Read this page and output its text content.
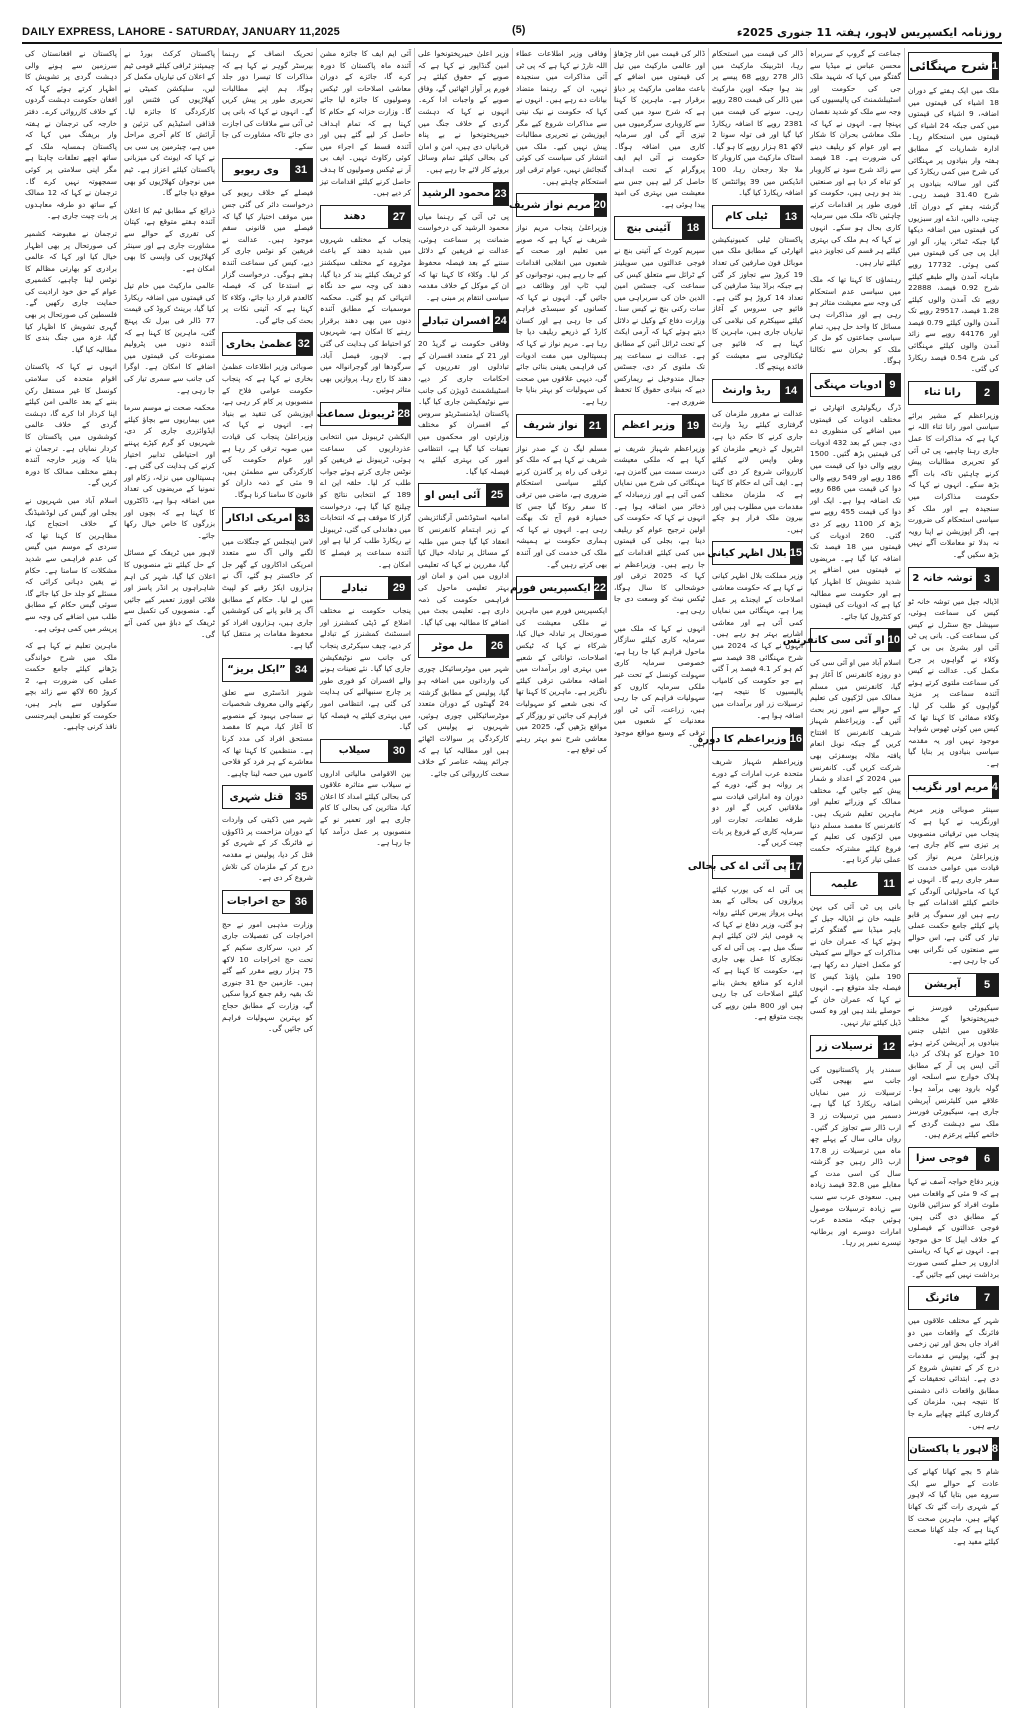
DAILY EXPRESS, LAHORE - SATURDAY, JANUARY 11,2025	(5)	روزنامہ ایکسپریس لاہور، ہفتہ 11 جنوری 2025ء
1
شرح مہنگائی

ملک میں ایک ہفتے کے دوران 18 اشیاء کی قیمتوں میں اضافہ، 9 اشیاء کی قیمتوں میں کمی جبکہ 24 اشیاء کی قیمتوں میں استحکام رہا۔ ادارہ شماریات کے مطابق ہفتہ وار بنیادوں پر مہنگائی کی شرح میں کمی ریکارڈ کی گئی اور سالانہ بنیادوں پر شرح 31.40 فیصد رہی۔ گزشتہ ہفتے کے دوران آٹا، چینی، دالیں، انڈے اور سبزیوں کی قیمتوں میں اضافہ دیکھا گیا جبکہ ٹماٹر، پیاز، آلو اور ایل پی جی کی قیمتوں میں کمی ہوئی۔ 17732 روپے ماہانہ آمدن والے طبقے کیلئے شرح 0.92 فیصد، 22888 روپے تک آمدن والوں کیلئے 1.28 فیصد، 29517 روپے تک آمدن والوں کیلئے 0.79 فیصد اور 44176 روپے سے زائد آمدن والوں کیلئے مہنگائی کی شرح 0.54 فیصد ریکارڈ کی گئی۔

2
رانا ثناء

وزیراعظم کے مشیر برائے سیاسی امور رانا ثناء اللہ نے کہا ہے کہ مذاکرات کا عمل جاری رہنا چاہیے، پی ٹی آئی کو تحریری مطالبات پیش کرنے چاہئیں تاکہ بات آگے بڑھ سکے۔ انہوں نے کہا کہ حکومت مذاکرات میں سنجیدہ ہے اور ملک کو سیاسی استحکام کی ضرورت ہے، اگر اپوزیشن نے اپنا رویہ نہ بدلا تو معاملات آگے نہیں بڑھ سکیں گے۔

3
توشہ خانہ 2

اڈیالہ جیل میں توشہ خانہ ٹو کیس کی سماعت ہوئی، سپیشل جج سنٹرل نے کیس کی سماعت کی۔ بانی پی ٹی آئی اور بشریٰ بی بی کے وکلاء نے گواہوں پر جرح مکمل کی۔ عدالت نے کیس کی سماعت ملتوی کرتے ہوئے آئندہ سماعت پر مزید گواہوں کو طلب کر لیا۔ وکلاء صفائی کا کہنا تھا کہ کیس میں کوئی ٹھوس شواہد موجود نہیں اور یہ مقدمہ سیاسی بنیادوں پر بنایا گیا ہے۔

4
مریم اور نگزیب

سینئر صوبائی وزیر مریم اورنگزیب نے کہا ہے کہ پنجاب میں ترقیاتی منصوبوں پر تیزی سے کام جاری ہے، وزیراعلیٰ مریم نواز کی قیادت میں عوامی خدمت کا سفر جاری رہے گا۔ انہوں نے کہا کہ ماحولیاتی آلودگی کے خاتمے کیلئے اقدامات کیے جا رہے ہیں اور سموگ پر قابو پانے کیلئے جامع حکمت عملی تیار کی گئی ہے، اس حوالے سے صنعتوں کی نگرانی بھی کی جا رہی ہے۔

5
آپریشن

سیکیورٹی فورسز نے خیبرپختونخوا کے مختلف علاقوں میں انٹیلی جنس بنیادوں پر آپریشن کرتے ہوئے 10 خوارج کو ہلاک کر دیا، آئی ایس پی آر کے مطابق ہلاک خوارج سے اسلحہ اور گولہ بارود بھی برآمد ہوا۔ علاقے میں کلیئرنس آپریشن جاری ہے، سیکیورٹی فورسز ملک سے دہشت گردی کے خاتمے کیلئے پرعزم ہیں۔

6
فوجی سزا

وزیر دفاع خواجہ آصف نے کہا ہے کہ 9 مئی کے واقعات میں ملوث افراد کو سزائیں قانون کے مطابق دی گئی ہیں، فوجی عدالتوں کے فیصلوں کے خلاف اپیل کا حق موجود ہے۔ انہوں نے کہا کہ ریاستی اداروں پر حملے کسی صورت برداشت نہیں کیے جائیں گے۔

7
فائرنگ

شہر کے مختلف علاقوں میں فائرنگ کے واقعات میں دو افراد جاں بحق اور تین زخمی ہو گئے، پولیس نے مقدمات درج کر کے تفتیش شروع کر دی ہے۔ ابتدائی تحقیقات کے مطابق واقعات ذاتی دشمنی کا نتیجہ ہیں، ملزمان کی گرفتاری کیلئے چھاپے مارے جا رہے ہیں۔

8
لاہور یا پاکستان

شام 5 بجے کھانا کھانے کی عادت کے حوالے سے ایک سروے میں بتایا گیا کہ لاہور کے شہری رات گئے تک کھانا کھاتے ہیں، ماہرین صحت کا کہنا ہے کہ جلد کھانا صحت کیلئے مفید ہے۔

جماعت کے گروپ کے سربراہ محسن عباس نے میڈیا سے گفتگو میں کہا کہ شہید ملک جی کی حکومت اور اسٹیبلشمنٹ کی پالیسیوں کی وجہ سے ملک کو شدید نقصان پہنچا ہے۔ انہوں نے کہا کہ ملک معاشی بحران کا شکار ہے اور عوام کو ریلیف دینے کی ضرورت ہے۔ 18 فیصد سے زائد شرح سود نے کاروبار کو تباہ کر دیا ہے اور صنعتیں بند ہو رہی ہیں، حکومت کو فوری طور پر اقدامات کرنے چاہئیں تاکہ ملک میں سرمایہ کاری بحال ہو سکے۔ انہوں نے کہا کہ ہم ملک کی بہتری کیلئے ہر قسم کی تجاویز دینے کیلئے تیار ہیں۔

رہنماؤں کا کہنا تھا کہ ملک میں سیاسی عدم استحکام کی وجہ سے معیشت متاثر ہو رہی ہے اور مذاکرات ہی مسائل کا واحد حل ہیں، تمام سیاسی جماعتوں کو مل کر ملک کو بحران سے نکالنا ہوگا۔

9
ادویات مہنگی

ڈرگ ریگولیٹری اتھارٹی نے مختلف ادویات کی قیمتوں میں اضافے کی منظوری دے دی، جس کے بعد 432 ادویات کی قیمتیں بڑھ گئیں۔ 1500 روپے والی دوا کی قیمت میں 186 روپے اور 549 روپے والی دوا کی قیمت میں 686 روپے تک اضافہ ہوا ہے۔ ایک اور دوا کی قیمت 455 روپے سے بڑھ کر 1100 روپے کر دی گئی۔ 260 ادویات کی قیمتوں میں 18 فیصد تک اضافہ کیا گیا ہے۔ مریضوں نے قیمتوں میں اضافے پر شدید تشویش کا اظہار کیا ہے اور حکومت سے مطالبہ کیا ہے کہ ادویات کی قیمتوں کو کنٹرول کیا جائے۔

10
او آئی سی کانفرنس

اسلام آباد میں او آئی سی کی دو روزہ کانفرنس کا آغاز ہو گیا، کانفرنس میں مسلم ممالک میں لڑکیوں کی تعلیم کے حوالے سے امور زیر بحث آئیں گے۔ وزیراعظم شہباز شریف کانفرنس کا افتتاح کریں گے جبکہ نوبل انعام یافتہ ملالہ یوسفزئی بھی شرکت کریں گی۔ کانفرنس میں 2024 کے اعداد و شمار پیش کیے جائیں گے، مختلف ممالک کے وزرائے تعلیم اور ماہرین تعلیم شریک ہیں۔ کانفرنس کا مقصد مسلم دنیا میں لڑکیوں کی تعلیم کے فروغ کیلئے مشترکہ حکمت عملی تیار کرنا ہے۔

11
علیمہ

بانی پی ٹی آئی کی بہن علیمہ خان نے اڈیالہ جیل کے باہر میڈیا سے گفتگو کرتے ہوئے کہا کہ عمران خان نے مذاکرات کے حوالے سے کمیٹی کو مکمل اختیار دے رکھا ہے، 190 ملین پاؤنڈ کیس کا فیصلہ جلد متوقع ہے۔ انہوں نے کہا کہ عمران خان کے حوصلے بلند ہیں اور وہ کسی ڈیل کیلئے تیار نہیں۔

12
ترسیلات زر

سمندر پار پاکستانیوں کی جانب سے بھیجی گئی ترسیلات زر میں نمایاں اضافہ ریکارڈ کیا گیا ہے، دسمبر میں ترسیلات زر 3 ارب ڈالر سے تجاوز کر گئیں۔ رواں مالی سال کے پہلے چھ ماہ میں ترسیلات زر 17.8 ارب ڈالر رہیں جو گزشتہ سال کی اسی مدت کے مقابلے میں 32.8 فیصد زیادہ ہیں۔ سعودی عرب سے سب سے زیادہ ترسیلات موصول ہوئیں جبکہ متحدہ عرب امارات دوسرے اور برطانیہ تیسرے نمبر پر رہا۔

ڈالر کی قیمت میں استحکام رہا، انٹربینک مارکیٹ میں ڈالر 278 روپے 68 پیسے پر بند ہوا جبکہ اوپن مارکیٹ میں ڈالر کی قیمت 280 روپے رہی۔ سونے کی قیمت میں 2381 روپے کا اضافہ ریکارڈ کیا گیا اور فی تولہ سونا 2 لاکھ 81 ہزار روپے کا ہو گیا۔ اسٹاک مارکیٹ میں کاروبار کا ملا جلا رجحان رہا، 100 انڈیکس میں 39 پوائنٹس کا اضافہ ریکارڈ کیا گیا۔

13
ٹیلی کام

پاکستان ٹیلی کمیونیکیشن اتھارٹی کے مطابق ملک میں موبائل فون صارفین کی تعداد 19 کروڑ سے تجاوز کر گئی ہے جبکہ براڈ بینڈ صارفین کی تعداد 14 کروڑ ہو گئی ہے۔ فائیو جی سروس کے آغاز کیلئے سپیکٹرم کی نیلامی کی تیاریاں جاری ہیں، ماہرین کا کہنا ہے کہ فائیو جی ٹیکنالوجی سے معیشت کو فائدہ پہنچے گا۔

14
ریڈ وارنٹ

عدالت نے مفرور ملزمان کی گرفتاری کیلئے ریڈ وارنٹ جاری کرنے کا حکم دیا ہے، انٹرپول کے ذریعے ملزمان کو وطن واپس لانے کیلئے کارروائی شروع کر دی گئی ہے۔ ایف آئی اے حکام کا کہنا ہے کہ ملزمان مختلف مقدمات میں مطلوب ہیں اور بیرون ملک فرار ہو چکے ہیں۔

15
بلال اظہر کیانی

وزیر مملکت بلال اظہر کیانی نے کہا ہے کہ حکومت معاشی اصلاحات کے ایجنڈے پر عمل پیرا ہے، مہنگائی میں نمایاں کمی آئی ہے اور معاشی اشاریے بہتر ہو رہے ہیں۔ انہوں نے کہا کہ 2024 میں شرح مہنگائی 38 فیصد سے کم ہو کر 4.1 فیصد پر آ گئی ہے جو حکومت کی کامیاب پالیسیوں کا نتیجہ ہے، ترسیلات زر اور برآمدات میں اضافہ ہوا ہے۔

16
وزیراعظم کا دورہ

وزیراعظم شہباز شریف متحدہ عرب امارات کے دورے پر روانہ ہو گئے، دورے کے دوران وہ اماراتی قیادت سے ملاقاتیں کریں گے اور دو طرفہ تعلقات، تجارت اور سرمایہ کاری کے فروغ پر بات چیت کریں گے۔

17
پی آئی اے کی بحالی

پی آئی اے کی یورپ کیلئے پروازوں کی بحالی کے بعد پہلی پرواز پیرس کیلئے روانہ ہو گئی، وزیر دفاع نے کہا کہ یہ قومی ایئر لائن کیلئے اہم سنگ میل ہے۔ پی آئی اے کی نجکاری کا عمل بھی جاری ہے، حکومت کا کہنا ہے کہ ادارے کو منافع بخش بنانے کیلئے اصلاحات کی جا رہی ہیں اور 800 ملین روپے کی بچت متوقع ہے۔

ڈالر کی قیمت میں اتار چڑھاؤ اور عالمی مارکیٹ میں تیل کی قیمتوں میں اضافے کے باعث مقامی مارکیٹ پر دباؤ برقرار ہے۔ ماہرین کا کہنا ہے کہ شرح سود میں کمی سے کاروباری سرگرمیوں میں تیزی آئے گی اور سرمایہ کاری میں اضافہ ہوگا۔ حکومت نے آئی ایم ایف پروگرام کے تحت اہداف حاصل کر لیے ہیں جس سے معیشت میں بہتری کی امید پیدا ہوئی ہے۔

18
آئینی بنچ

سپریم کورٹ کے آئینی بنچ نے فوجی عدالتوں میں سویلینز کے ٹرائل سے متعلق کیس کی سماعت کی، جسٹس امین الدین خان کی سربراہی میں سات رکنی بنچ نے کیس سنا۔ وزارت دفاع کے وکیل نے دلائل دیتے ہوئے کہا کہ آرمی ایکٹ کے تحت ٹرائل آئین کے مطابق ہے۔ عدالت نے سماعت پیر تک ملتوی کر دی، جسٹس جمال مندوخیل نے ریمارکس دیے کہ بنیادی حقوق کا تحفظ ضروری ہے۔

19
وزیر اعظم

وزیراعظم شہباز شریف نے کہا ہے کہ ملکی معیشت درست سمت میں گامزن ہے، مہنگائی کی شرح میں نمایاں کمی آئی ہے اور زرمبادلہ کے ذخائر میں اضافہ ہوا ہے۔ انہوں نے کہا کہ حکومت کی اولین ترجیح عوام کو ریلیف دینا ہے، بجلی کی قیمتوں میں کمی کیلئے اقدامات کیے جا رہے ہیں۔ وزیراعظم نے کہا کہ 2025 ترقی اور خوشحالی کا سال ہوگا، ٹیکس نیٹ کو وسعت دی جا رہی ہے۔

انہوں نے کہا کہ ملک میں سرمایہ کاری کیلئے سازگار ماحول فراہم کیا جا رہا ہے، خصوصی سرمایہ کاری سہولت کونسل کے تحت غیر ملکی سرمایہ کاروں کو سہولیات فراہم کی جا رہی ہیں، زراعت، آئی ٹی اور معدنیات کے شعبوں میں ترقی کے وسیع مواقع موجود ہیں۔

وفاقی وزیر اطلاعات عطاء اللہ تارڑ نے کہا ہے کہ پی ٹی آئی مذاکرات میں سنجیدہ نہیں، ان کے رہنما متضاد بیانات دے رہے ہیں۔ انہوں نے کہا کہ حکومت نے نیک نیتی سے مذاکرات شروع کیے مگر اپوزیشن نے تحریری مطالبات پیش نہیں کیے۔ ملک میں انتشار کی سیاست کی کوئی گنجائش نہیں، عوام ترقی اور استحکام چاہتے ہیں۔

20
مریم نواز شریف

وزیراعلیٰ پنجاب مریم نواز شریف نے کہا ہے کہ صوبے میں تعلیم اور صحت کے شعبوں میں انقلابی اقدامات کیے جا رہے ہیں، نوجوانوں کو لیپ ٹاپ اور وظائف دیے جائیں گے۔ انہوں نے کہا کہ کسانوں کو سبسڈی فراہم کی جا رہی ہے اور کسان کارڈ کے ذریعے ریلیف دیا جا رہا ہے۔ مریم نواز نے کہا کہ ہسپتالوں میں مفت ادویات کی فراہمی یقینی بنائی جائے گی، دیہی علاقوں میں صحت کی سہولیات کو بہتر بنایا جا رہا ہے۔

21
نواز شریف

مسلم لیگ ن کے صدر نواز شریف نے کہا ہے کہ ملک کو ترقی کی راہ پر گامزن کرنے کیلئے سیاسی استحکام ضروری ہے، ماضی میں ترقی کا سفر روکا گیا جس کا خمیازہ قوم آج تک بھگت رہی ہے۔ انہوں نے کہا کہ ہماری حکومت نے ہمیشہ ملک کی خدمت کی اور آئندہ بھی کرتے رہیں گے۔

22
ایکسپریس فورم

ایکسپریس فورم میں ماہرین نے ملکی معیشت کی صورتحال پر تبادلہ خیال کیا، شرکاء نے کہا کہ ٹیکس اصلاحات، توانائی کے شعبے میں بہتری اور برآمدات میں اضافہ معاشی ترقی کیلئے ناگزیر ہے۔ ماہرین کا کہنا تھا کہ نجی شعبے کو سہولیات فراہم کی جائیں تو روزگار کے مواقع بڑھیں گے، 2025 میں معاشی شرح نمو بہتر رہنے کی توقع ہے۔

وزیر اعلیٰ خیبرپختونخوا علی امین گنڈاپور نے کہا ہے کہ صوبے کے حقوق کیلئے ہر فورم پر آواز اٹھائیں گے، وفاق صوبے کے واجبات ادا کرے۔ انہوں نے کہا کہ دہشت گردی کے خلاف جنگ میں خیبرپختونخوا نے بے پناہ قربانیاں دی ہیں، امن و امان کی بحالی کیلئے تمام وسائل بروئے کار لائے جا رہے ہیں۔

23
محمود الرشید

پی ٹی آئی کے رہنما میاں محمود الرشید کی درخواست ضمانت پر سماعت ہوئی، عدالت نے فریقین کے دلائل سننے کے بعد فیصلہ محفوظ کر لیا۔ وکلاء کا کہنا تھا کہ ان کے موکل کے خلاف مقدمہ سیاسی انتقام پر مبنی ہے۔

24
افسران تبادلے

وفاقی حکومت نے گریڈ 20 اور 21 کے متعدد افسران کے تبادلوں اور تقرریوں کے احکامات جاری کر دیے، اسٹیبلشمنٹ ڈویژن کی جانب سے نوٹیفکیشن جاری کیا گیا۔ پاکستان ایڈمنسٹریٹو سروس کے افسران کو مختلف وزارتوں اور محکموں میں تعینات کیا گیا ہے، انتظامی امور کی بہتری کیلئے یہ فیصلہ کیا گیا۔

25
آئی ایس او

امامیہ اسٹوڈنٹس آرگنائزیشن کے زیر اہتمام کانفرنس کا انعقاد کیا گیا جس میں طلبہ کے مسائل پر تبادلہ خیال کیا گیا، مقررین نے کہا کہ تعلیمی اداروں میں امن و امان اور بہتر تعلیمی ماحول کی فراہمی حکومت کی ذمہ داری ہے۔ تعلیمی بجٹ میں اضافے کا مطالبہ بھی کیا گیا۔

26
مل موٹر

شہر میں موٹرسائیکل چوری کی وارداتوں میں اضافہ ہو گیا، پولیس کے مطابق گزشتہ 24 گھنٹوں کے دوران متعدد موٹرسائیکلیں چوری ہوئیں، شہریوں نے پولیس کی کارکردگی پر سوالات اٹھائے ہیں اور مطالبہ کیا ہے کہ جرائم پیشہ عناصر کے خلاف سخت کارروائی کی جائے۔

آئی ایم ایف کا جائزہ مشن آئندہ ماہ پاکستان کا دورہ کرے گا، جائزے کے دوران معاشی اصلاحات اور ٹیکس وصولیوں کا جائزہ لیا جائے گا۔ وزارت خزانہ کے حکام کا کہنا ہے کہ تمام اہداف حاصل کر لیے گئے ہیں اور آئندہ قسط کے اجراء میں کوئی رکاوٹ نہیں۔ ایف بی آر نے ٹیکس وصولیوں کا ہدف حاصل کرنے کیلئے اقدامات تیز کر دیے ہیں۔

27
دھند

پنجاب کے مختلف شہروں میں شدید دھند کے باعث موٹروے کے مختلف سیکشنز کو ٹریفک کیلئے بند کر دیا گیا، دھند کی وجہ سے حد نگاہ انتہائی کم ہو گئی۔ محکمہ موسمیات کے مطابق آئندہ دنوں میں بھی دھند برقرار رہنے کا امکان ہے، شہریوں کو احتیاط کی ہدایت کی گئی ہے۔ لاہور، فیصل آباد، سرگودھا اور گوجرانوالہ میں دھند کا راج رہا، پروازیں بھی متاثر ہوئیں۔

28
ٹریبونل سماعت

الیکشن ٹریبونل میں انتخابی عذرداریوں کی سماعت ہوئی، ٹریبونل نے فریقین کو نوٹس جاری کرتے ہوئے جواب طلب کر لیا۔ حلقہ این اے 189 کے انتخابی نتائج کو چیلنج کیا گیا ہے، درخواست گزار کا موقف ہے کہ انتخابات میں دھاندلی کی گئی، ٹریبونل نے ریکارڈ طلب کر لیا ہے اور آئندہ سماعت پر فیصلے کا امکان ہے۔

29
تبادلے

پنجاب حکومت نے مختلف اضلاع کے ڈپٹی کمشنرز اور اسسٹنٹ کمشنرز کے تبادلے کر دیے، چیف سیکرٹری پنجاب کی جانب سے نوٹیفکیشن جاری کیا گیا۔ نئے تعینات ہونے والے افسران کو فوری طور پر چارج سنبھالنے کی ہدایت کی گئی ہے، انتظامی امور میں بہتری کیلئے یہ فیصلہ کیا گیا۔

30
سیلاب

بین الاقوامی مالیاتی اداروں نے سیلاب سے متاثرہ علاقوں کی بحالی کیلئے امداد کا اعلان کیا، متاثرین کی بحالی کا کام جاری ہے اور تعمیر نو کے منصوبوں پر عمل درآمد کیا جا رہا ہے۔

تحریک انصاف کے رہنما بیرسٹر گوہر نے کہا ہے کہ مذاکرات کا تیسرا دور جلد ہوگا، ہم اپنے مطالبات تحریری طور پر پیش کریں گے۔ انہوں نے کہا کہ بانی پی ٹی آئی سے ملاقات کی اجازت دی جائے تاکہ مشاورت کی جا سکے۔

31
وی ریویو

فیصلے کے خلاف ریویو کی درخواست دائر کی گئی جس میں موقف اختیار کیا گیا کہ فیصلے میں قانونی سقم موجود ہیں۔ عدالت نے فریقین کو نوٹس جاری کر دیے، کیس کی سماعت آئندہ ہفتے ہوگی۔ درخواست گزار نے استدعا کی کہ فیصلہ کالعدم قرار دیا جائے، وکلاء کا کہنا ہے کہ آئینی نکات پر بحث کی جائے گی۔

32
عظمیٰ بخاری

صوبائی وزیر اطلاعات عظمیٰ بخاری نے کہا ہے کہ پنجاب حکومت عوامی فلاح کے منصوبوں پر کام کر رہی ہے، اپوزیشن کی تنقید بے بنیاد ہے۔ انہوں نے کہا کہ وزیراعلیٰ پنجاب کی قیادت میں صوبہ ترقی کر رہا ہے اور عوام حکومت کی کارکردگی سے مطمئن ہیں، 9 مئی کے ذمہ داران کو قانون کا سامنا کرنا ہوگا۔

33
امریکی اداکار

لاس اینجلس کے جنگلات میں لگنے والی آگ سے متعدد امریکی اداکاروں کے گھر جل کر خاکستر ہو گئے، آگ نے ہزاروں ایکڑ رقبے کو لپیٹ میں لے لیا۔ حکام کے مطابق آگ پر قابو پانے کی کوششیں جاری ہیں، ہزاروں افراد کو محفوظ مقامات پر منتقل کیا گیا ہے۔

34
”ایکل بریز“

شوبز انڈسٹری سے تعلق رکھنے والی معروف شخصیات نے سماجی بہبود کے منصوبے کا آغاز کیا، مہم کا مقصد مستحق افراد کی مدد کرنا ہے۔ منتظمین کا کہنا تھا کہ معاشرے کے ہر فرد کو فلاحی کاموں میں حصہ لینا چاہیے۔

35
قتل شہری

شہر میں ڈکیتی کی واردات کے دوران مزاحمت پر ڈاکوؤں نے فائرنگ کر کے شہری کو قتل کر دیا، پولیس نے مقدمہ درج کر کے ملزمان کی تلاش شروع کر دی ہے۔

36
حج اخراجات

وزارت مذہبی امور نے حج اخراجات کی تفصیلات جاری کر دیں، سرکاری سکیم کے تحت حج اخراجات 10 لاکھ 75 ہزار روپے مقرر کیے گئے ہیں۔ عازمین حج 31 جنوری تک بقیہ رقم جمع کروا سکیں گے، وزارت کے مطابق حجاج کو بہترین سہولیات فراہم کی جائیں گی۔

پاکستان کرکٹ بورڈ نے چیمپئنز ٹرافی کیلئے قومی ٹیم کے اعلان کی تیاریاں مکمل کر لیں، سلیکشن کمیٹی نے کھلاڑیوں کی فٹنس اور کارکردگی کا جائزہ لیا۔ قذافی اسٹیڈیم کی تزئین و آرائش کا کام آخری مراحل میں ہے، چیئرمین پی سی بی نے کہا کہ ایونٹ کی میزبانی پاکستان کیلئے اعزاز ہے۔ ٹیم میں نوجوان کھلاڑیوں کو بھی موقع دیا جائے گا۔

ذرائع کے مطابق ٹیم کا اعلان آئندہ ہفتے متوقع ہے، کپتان کی تقرری کے حوالے سے مشاورت جاری ہے اور سینئر کھلاڑیوں کی واپسی کا بھی امکان ہے۔

عالمی مارکیٹ میں خام تیل کی قیمتوں میں اضافہ ریکارڈ کیا گیا، برینٹ کروڈ کی قیمت 77 ڈالر فی بیرل تک پہنچ گئی، ماہرین کا کہنا ہے کہ آئندہ دنوں میں پٹرولیم مصنوعات کی قیمتوں میں اضافے کا امکان ہے۔ اوگرا کی جانب سے سمری تیار کی جا رہی ہے۔

محکمہ صحت نے موسم سرما میں بیماریوں سے بچاؤ کیلئے ایڈوائزری جاری کر دی، شہریوں کو گرم کپڑے پہننے اور احتیاطی تدابیر اختیار کرنے کی ہدایت کی گئی ہے۔ ہسپتالوں میں نزلہ، زکام اور نمونیا کے مریضوں کی تعداد میں اضافہ ہوا ہے، ڈاکٹروں کا کہنا ہے کہ بچوں اور بزرگوں کا خاص خیال رکھا جائے۔

لاہور میں ٹریفک کے مسائل کے حل کیلئے نئے منصوبوں کا اعلان کیا گیا، شہر کی اہم شاہراہوں پر انڈر پاسز اور فلائی اوورز تعمیر کیے جائیں گے۔ منصوبوں کی تکمیل سے ٹریفک کے دباؤ میں کمی آئے گی۔

پاکستان نے افغانستان کی سرزمین سے ہونے والی دہشت گردی پر تشویش کا اظہار کرتے ہوئے کہا کہ افغان حکومت دہشت گردوں کے خلاف کارروائی کرے۔ دفتر خارجہ کی ترجمان نے ہفتہ وار بریفنگ میں کہا کہ پاکستان ہمسایہ ملک کے ساتھ اچھے تعلقات چاہتا ہے مگر اپنی سلامتی پر کوئی سمجھوتہ نہیں کرے گا۔ ترجمان نے کہا کہ 12 ممالک کے ساتھ دو طرفہ معاہدوں پر بات چیت جاری ہے۔

ترجمان نے مقبوضہ کشمیر کی صورتحال پر بھی اظہار خیال کیا اور کہا کہ عالمی برادری کو بھارتی مظالم کا نوٹس لینا چاہیے، کشمیری عوام کے حق خود ارادیت کی حمایت جاری رکھیں گے۔ فلسطین کی صورتحال پر بھی گہری تشویش کا اظہار کیا گیا، غزہ میں جنگ بندی کا مطالبہ کیا گیا۔

انہوں نے کہا کہ پاکستان اقوام متحدہ کی سلامتی کونسل کا غیر مستقل رکن بننے کے بعد عالمی امن کیلئے اپنا کردار ادا کرے گا، دہشت گردی کے خلاف عالمی کوششوں میں پاکستان کا کردار نمایاں ہے۔ ترجمان نے بتایا کہ وزیر خارجہ آئندہ ہفتے مختلف ممالک کا دورہ کریں گے۔

اسلام آباد میں شہریوں نے بجلی اور گیس کی لوڈشیڈنگ کے خلاف احتجاج کیا، مظاہرین کا کہنا تھا کہ سردی کے موسم میں گیس کی عدم فراہمی سے شدید مشکلات کا سامنا ہے۔ حکام نے یقین دہانی کرائی کہ مسئلے کو جلد حل کیا جائے گا، سوئی گیس حکام کے مطابق طلب میں اضافے کی وجہ سے پریشر میں کمی ہوئی ہے۔

ماہرین تعلیم نے کہا ہے کہ ملک میں شرح خواندگی بڑھانے کیلئے جامع حکمت عملی کی ضرورت ہے، 2 کروڑ 60 لاکھ سے زائد بچے سکولوں سے باہر ہیں، حکومت کو تعلیمی ایمرجنسی نافذ کرنی چاہیے۔
